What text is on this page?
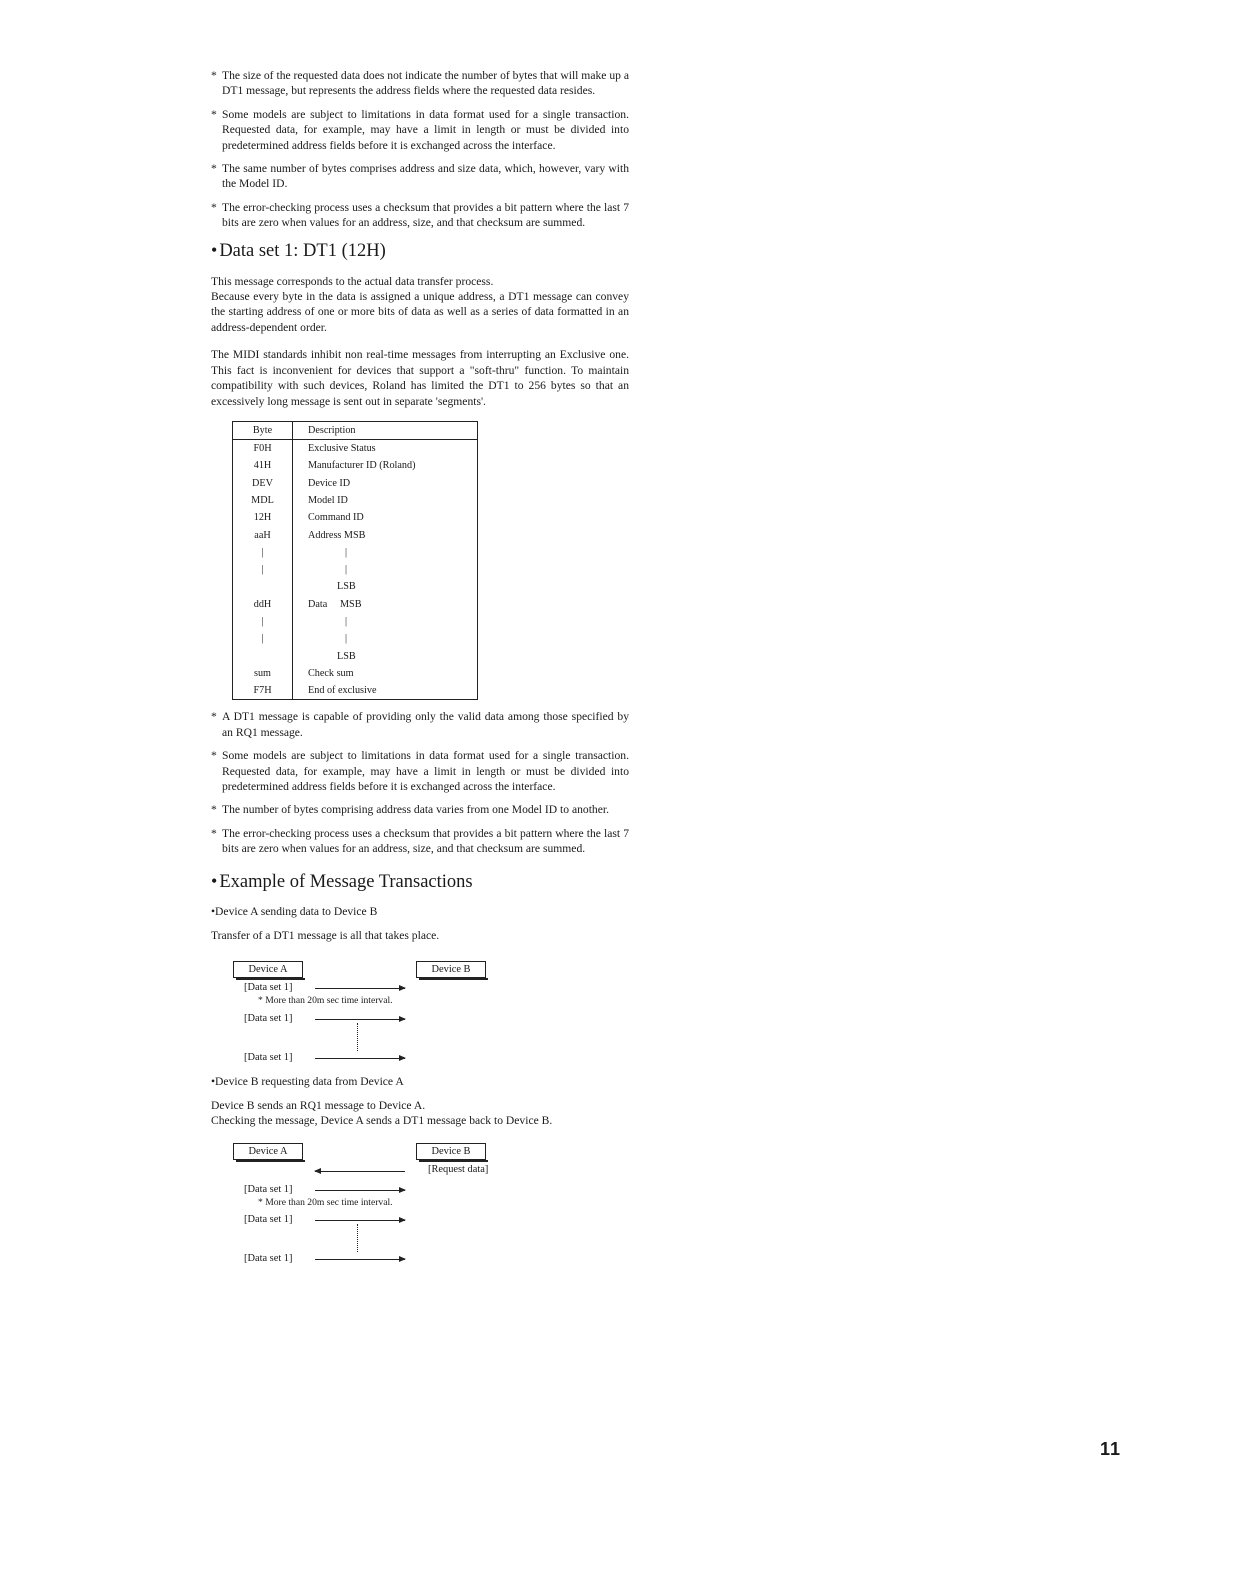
* The size of the requested data does not indicate the number of bytes that will make up a DT1 message, but represents the address fields where the requested data resides.
* Some models are subject to limitations in data format used for a single transaction. Requested data, for example, may have a limit in length or must be divided into predetermined address fields before it is exchanged across the interface.
* The same number of bytes comprises address and size data, which, however, vary with the Model ID.
* The error-checking process uses a checksum that provides a bit pattern where the last 7 bits are zero when values for an address, size, and that checksum are summed.
• Data set 1: DT1 (12H)
This message corresponds to the actual data transfer process.
Because every byte in the data is assigned a unique address, a DT1 message can convey the starting address of one or more bits of data as well as a series of data formatted in an address-dependent order.
The MIDI standards inhibit non real-time messages from interrupting an Exclusive one. This fact is inconvenient for devices that support a "soft-thru" function. To maintain compatibility with such devices, Roland has limited the DT1 to 256 bytes so that an excessively long message is sent out in separate 'segments'.
Byte	Description
F0H	Exclusive Status
41H	Manufacturer ID (Roland)
DEV	Device ID
MDL	Model ID
12H	Command ID
aaH	Address MSB
|	|
|	|
	LSB
ddH	Data     MSB
|	|
|	|
	LSB
sum	Check sum
F7H	End of exclusive
* A DT1 message is capable of providing only the valid data among those specified by an RQ1 message.
* Some models are subject to limitations in data format used for a single transaction. Requested data, for example, may have a limit in length or must be divided into predetermined address fields before it is exchanged across the interface.
* The number of bytes comprising address data varies from one Model ID to another.
* The error-checking process uses a checksum that provides a bit pattern where the last 7 bits are zero when values for an address, size, and that checksum are summed.
• Example of Message Transactions
•Device A sending data to Device B
Transfer of a DT1 message is all that takes place.
Device A	Device B
[Data set 1]
* More than 20m sec time interval.
[Data set 1]
[Data set 1]
•Device B requesting data from Device A
Device B sends an RQ1 message to Device A.
Checking the message, Device A sends a DT1 message back to Device B.
Device A	Device B
[Request data]
[Data set 1]
* More than 20m sec time interval.
[Data set 1]
[Data set 1]
11
